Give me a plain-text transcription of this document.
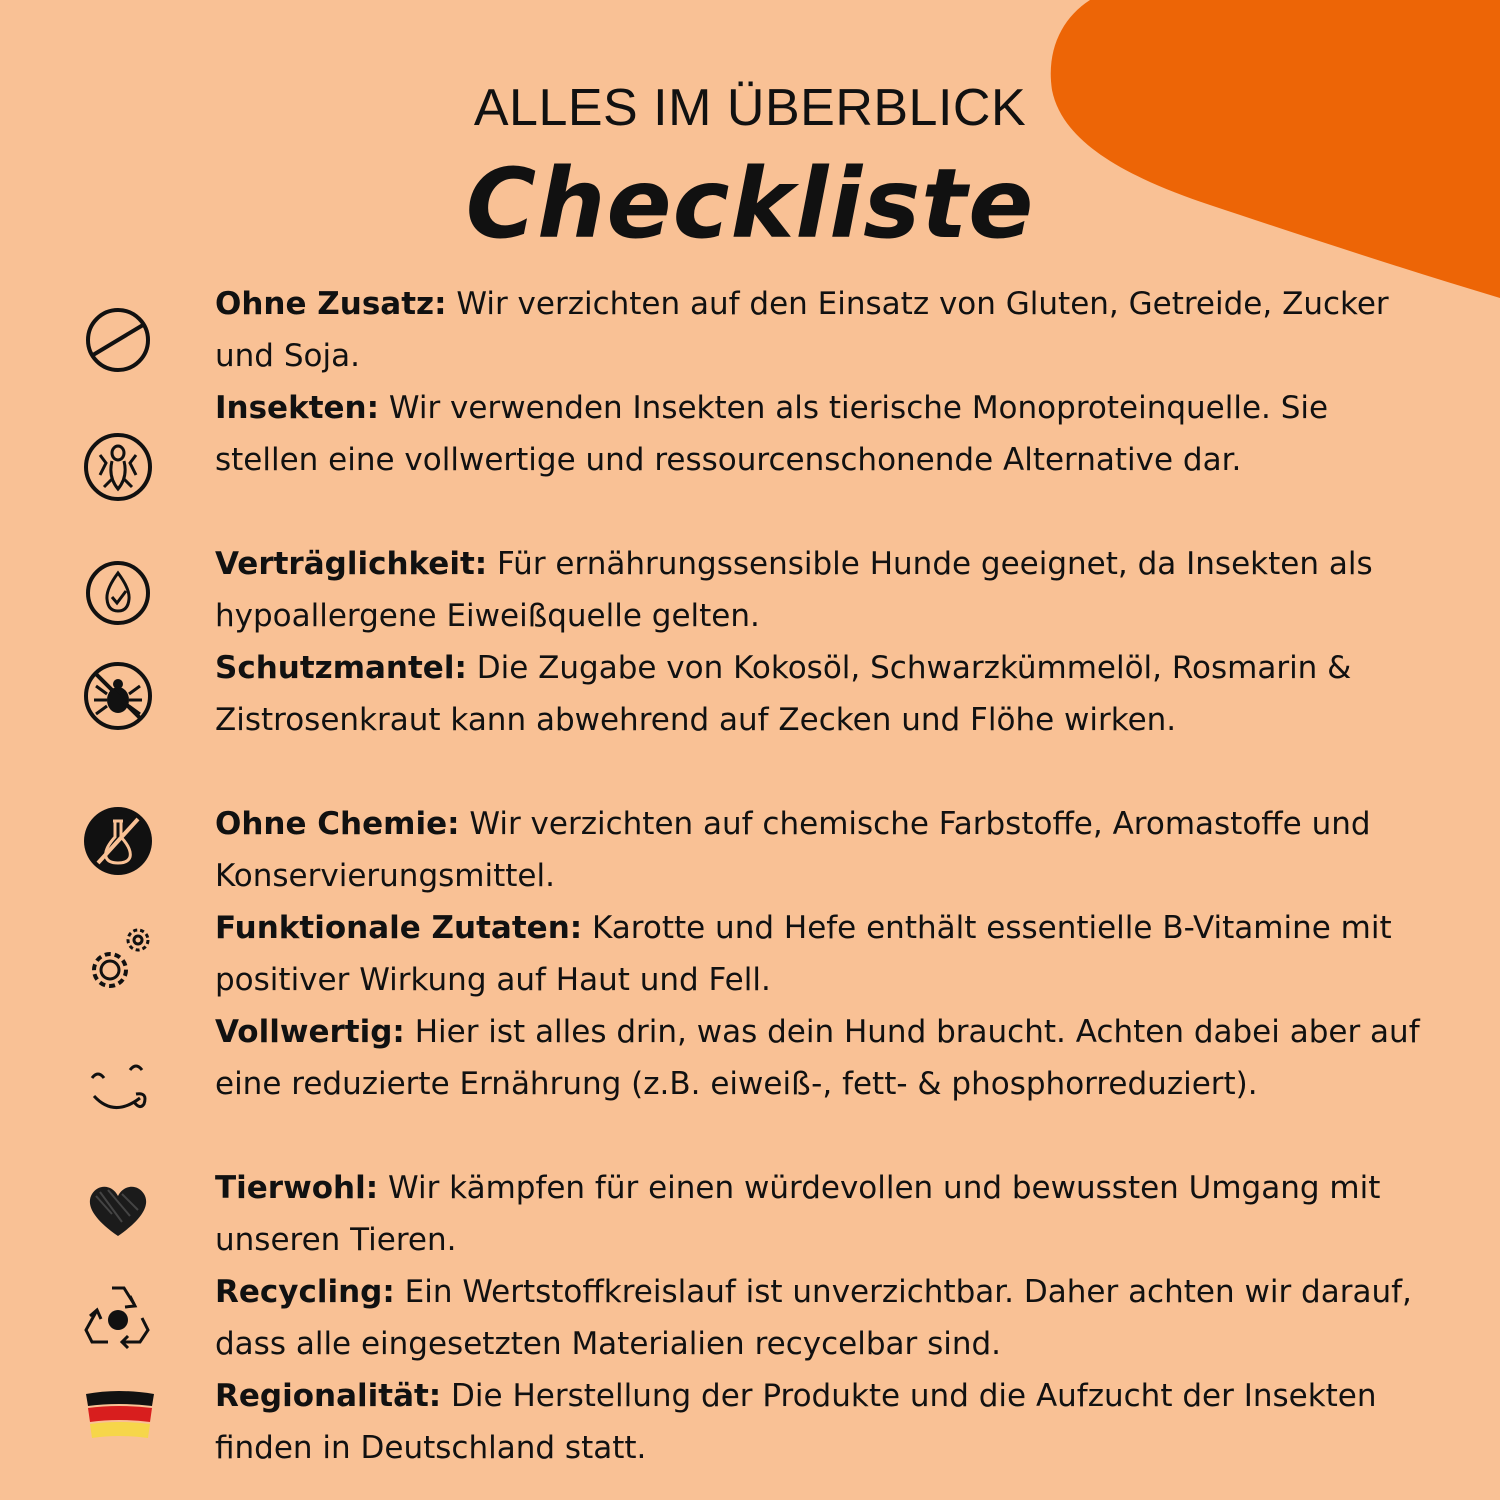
ALLES IM ÜBERBLICK
Checkliste
Ohne Zusatz: Wir verzichten auf den Einsatz von Gluten, Getreide, Zucker und Soja.
Insekten: Wir verwenden Insekten als tierische Monoproteinquelle. Sie stellen eine vollwertige und ressourcenschonende Alternative dar.
Verträglichkeit: Für ernährungssensible Hunde geeignet, da Insekten als hypoallergene Eiweißquelle gelten.
Schutzmantel: Die Zugabe von Kokosöl, Schwarzkümmelöl, Rosmarin & Zistrosenkraut kann abwehrend auf Zecken und Flöhe wirken.
Ohne Chemie: Wir verzichten auf chemische Farbstoffe, Aromastoffe und Konservierungsmittel.
Funktionale Zutaten: Karotte und Hefe enthält essentielle B-Vitamine mit positiver Wirkung auf Haut und Fell.
Vollwertig: Hier ist alles drin, was dein Hund braucht. Achten dabei aber auf eine reduzierte Ernährung (z.B. eiweiß-, fett- & phosphorreduziert).
Tierwohl: Wir kämpfen für einen würdevollen und bewussten Umgang mit unseren Tieren.
Recycling: Ein Wertstoffkreislauf ist unverzichtbar. Daher achten wir darauf, dass alle eingesetzten Materialien recycelbar sind.
Regionalität: Die Herstellung der Produkte und die Aufzucht der Insekten finden in Deutschland statt.
